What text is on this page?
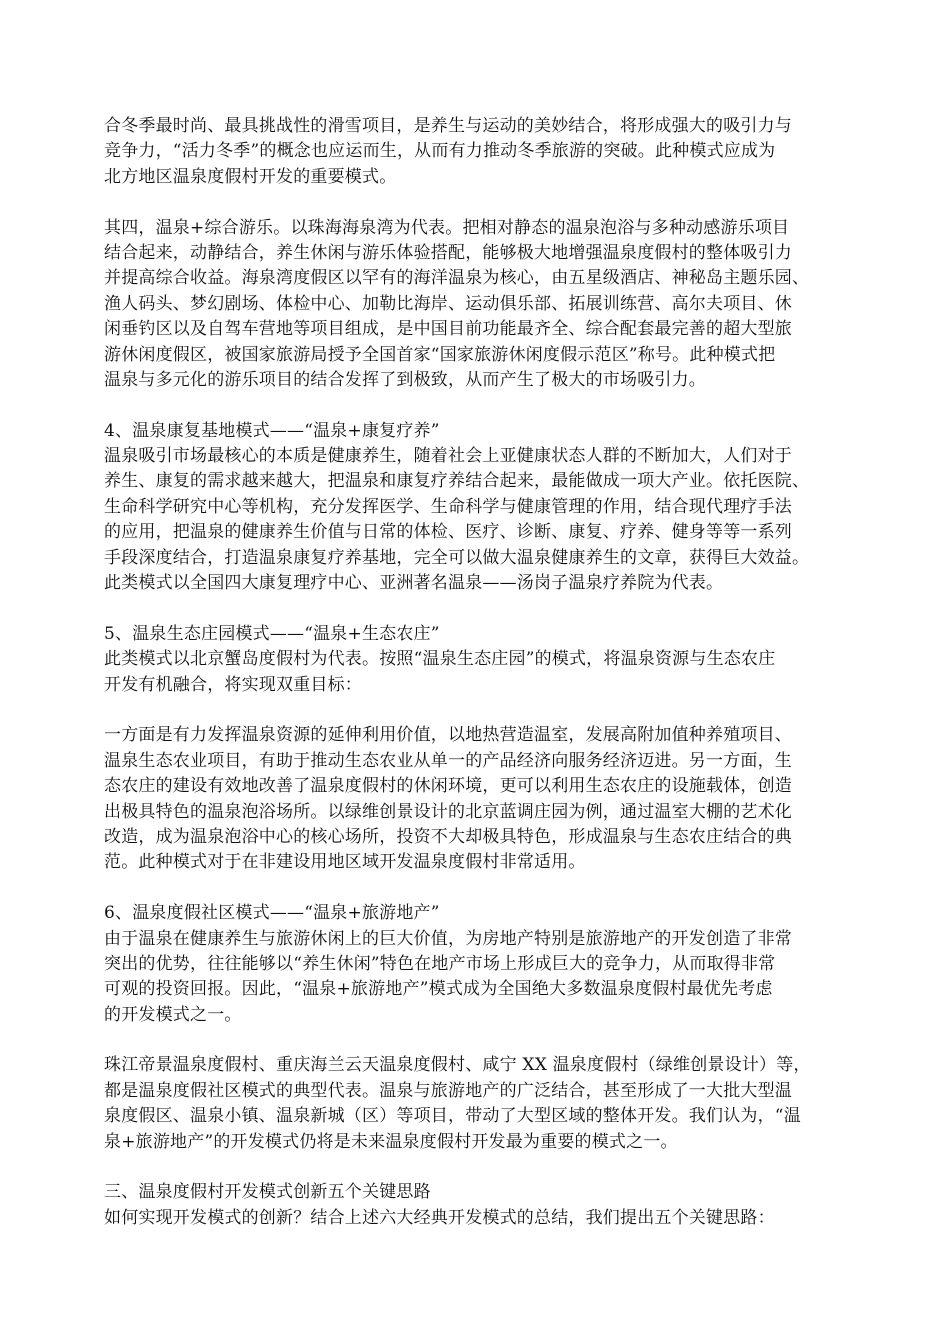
合冬季最时尚、最具挑战性的滑雪项目，是养生与运动的美妙结合，将形成强大的吸引力与
竞争力，“活力冬季”的概念也应运而生，从而有力推动冬季旅游的突破。此种模式应成为
北方地区温泉度假村开发的重要模式。
其四，温泉+综合游乐。以珠海海泉湾为代表。把相对静态的温泉泡浴与多种动感游乐项目
结合起来，动静结合，养生休闲与游乐体验搭配，能够极大地增强温泉度假村的整体吸引力
并提高综合收益。海泉湾度假区以罕有的海洋温泉为核心，由五星级酒店、神秘岛主题乐园、
渔人码头、梦幻剧场、体检中心、加勒比海岸、运动俱乐部、拓展训练营、高尔夫项目、休
闲垂钓区以及自驾车营地等项目组成，是中国目前功能最齐全、综合配套最完善的超大型旅
游休闲度假区，被国家旅游局授予全国首家“国家旅游休闲度假示范区”称号。此种模式把
温泉与多元化的游乐项目的结合发挥了到极致，从而产生了极大的市场吸引力。
4、温泉康复基地模式——“温泉+康复疗养”
温泉吸引市场最核心的本质是健康养生，随着社会上亚健康状态人群的不断加大，人们对于
养生、康复的需求越来越大，把温泉和康复疗养结合起来，最能做成一项大产业。依托医院、
生命科学研究中心等机构，充分发挥医学、生命科学与健康管理的作用，结合现代理疗手法
的应用，把温泉的健康养生价值与日常的体检、医疗、诊断、康复、疗养、健身等等一系列
手段深度结合，打造温泉康复疗养基地，完全可以做大温泉健康养生的文章，获得巨大效益。
此类模式以全国四大康复理疗中心、亚洲著名温泉——汤岗子温泉疗养院为代表。
5、温泉生态庄园模式——“温泉+生态农庄”
此类模式以北京蟹岛度假村为代表。按照“温泉生态庄园”的模式，将温泉资源与生态农庄
开发有机融合，将实现双重目标：
一方面是有力发挥温泉资源的延伸利用价值，以地热营造温室，发展高附加值种养殖项目、
温泉生态农业项目，有助于推动生态农业从单一的产品经济向服务经济迈进。另一方面，生
态农庄的建设有效地改善了温泉度假村的休闲环境，更可以利用生态农庄的设施载体，创造
出极具特色的温泉泡浴场所。以绿维创景设计的北京蓝调庄园为例，通过温室大棚的艺术化
改造，成为温泉泡浴中心的核心场所，投资不大却极具特色，形成温泉与生态农庄结合的典
范。此种模式对于在非建设用地区域开发温泉度假村非常适用。
6、温泉度假社区模式——“温泉+旅游地产”
由于温泉在健康养生与旅游休闲上的巨大价值，为房地产特别是旅游地产的开发创造了非常
突出的优势，往往能够以“养生休闲”特色在地产市场上形成巨大的竞争力，从而取得非常
可观的投资回报。因此，“温泉+旅游地产”模式成为全国绝大多数温泉度假村最优先考虑
的开发模式之一。
珠江帝景温泉度假村、重庆海兰云天温泉度假村、咸宁 XX 温泉度假村（绿维创景设计）等，
都是温泉度假社区模式的典型代表。温泉与旅游地产的广泛结合，甚至形成了一大批大型温
泉度假区、温泉小镇、温泉新城（区）等项目，带动了大型区域的整体开发。我们认为，“温
泉+旅游地产”的开发模式仍将是未来温泉度假村开发最为重要的模式之一。
三、温泉度假村开发模式创新五个关键思路
如何实现开发模式的创新？结合上述六大经典开发模式的总结，我们提出五个关键思路：
